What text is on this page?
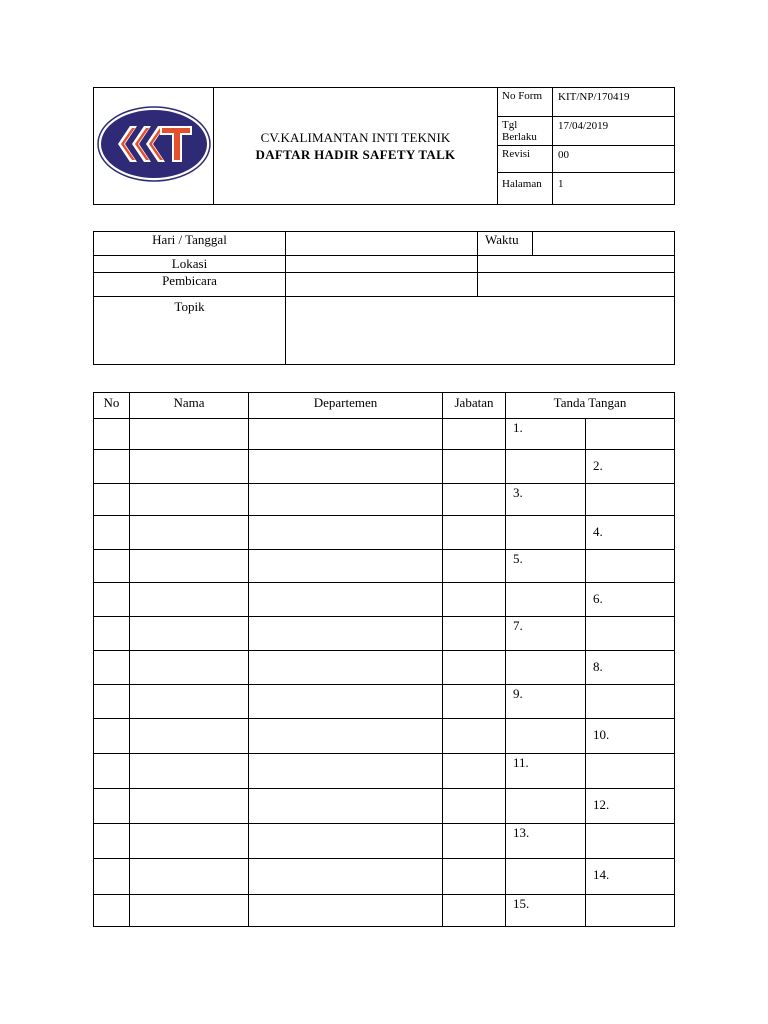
CV.KALIMANTAN INTI TEKNIK
DAFTAR HADIR SAFETY TALK	No Form	KIT/NP/170419
		Tgl Berlaku	17/04/2019
		Revisi	00
		Halaman	1
Hari / Tanggal		Waktu	
Lokasi			
Pembicara			
Topik			
No	Nama	Departemen	Jabatan	Tanda Tangan	
				1.	
					2.
				3.	
					4.
				5.	
					6.
				7.	
					8.
				9.	
					10.
				11.	
					12.
				13.	
					14.
				15.	
